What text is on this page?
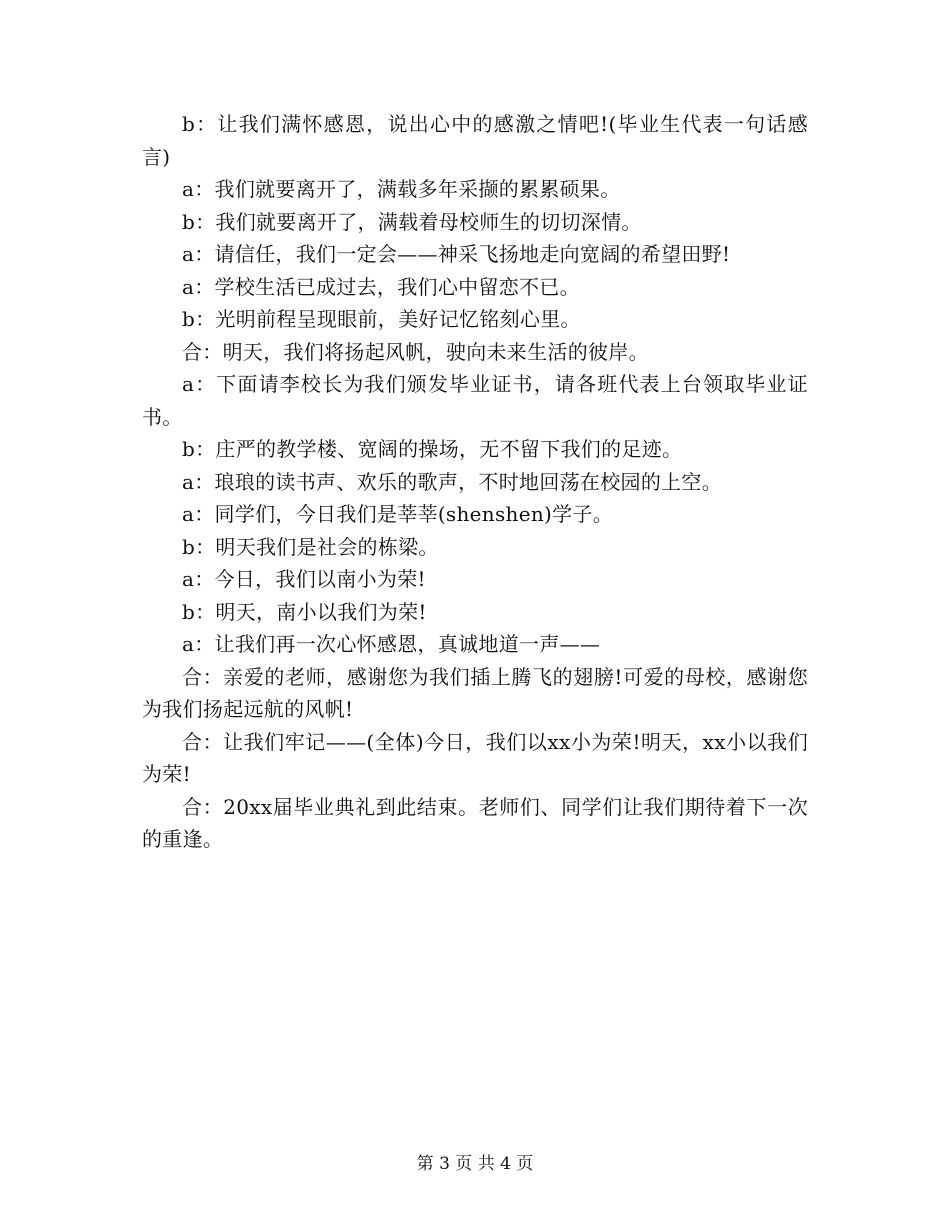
b：让我们满怀感恩，说出心中的感激之情吧!(毕业生代表一句话感言)

a：我们就要离开了，满载多年采撷的累累硕果。

b：我们就要离开了，满载着母校师生的切切深情。

a：请信任，我们一定会——神采飞扬地走向宽阔的希望田野!

a：学校生活已成过去，我们心中留恋不已。

b：光明前程呈现眼前，美好记忆铭刻心里。

合：明天，我们将扬起风帆，驶向未来生活的彼岸。

a：下面请李校长为我们颁发毕业证书，请各班代表上台领取毕业证书。

b：庄严的教学楼、宽阔的操场，无不留下我们的足迹。

a：琅琅的读书声、欢乐的歌声，不时地回荡在校园的上空。

a：同学们，今日我们是莘莘(shenshen)学子。

b：明天我们是社会的栋梁。

a：今日，我们以南小为荣!

b：明天，南小以我们为荣!

a：让我们再一次心怀感恩，真诚地道一声——

合：亲爱的老师，感谢您为我们插上腾飞的翅膀!可爱的母校，感谢您为我们扬起远航的风帆!

合：让我们牢记——(全体)今日，我们以xx小为荣!明天，xx小以我们为荣!

合：20xx届毕业典礼到此结束。老师们、同学们让我们期待着下一次的重逢。

第 3 页 共 4 页
